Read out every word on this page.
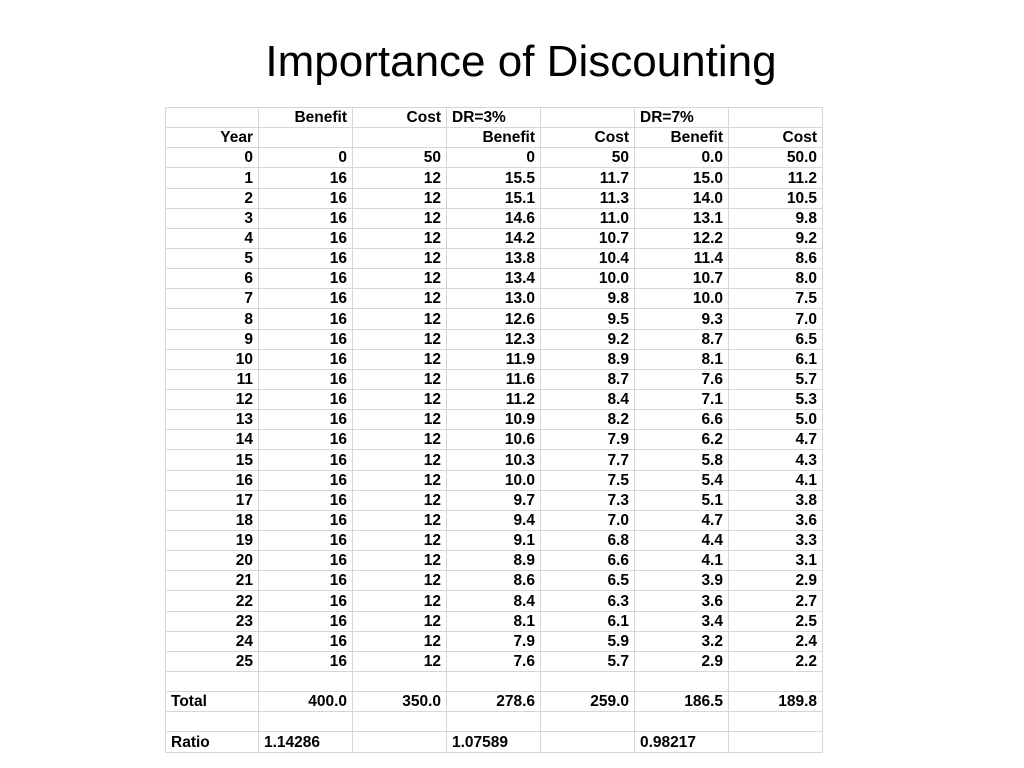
Importance of Discounting
	Benefit	Cost	DR=3%		DR=7%	
Year			Benefit	Cost	Benefit	Cost
0	0	50	0	50	0.0	50.0
1	16	12	15.5	11.7	15.0	11.2
2	16	12	15.1	11.3	14.0	10.5
3	16	12	14.6	11.0	13.1	9.8
4	16	12	14.2	10.7	12.2	9.2
5	16	12	13.8	10.4	11.4	8.6
6	16	12	13.4	10.0	10.7	8.0
7	16	12	13.0	9.8	10.0	7.5
8	16	12	12.6	9.5	9.3	7.0
9	16	12	12.3	9.2	8.7	6.5
10	16	12	11.9	8.9	8.1	6.1
11	16	12	11.6	8.7	7.6	5.7
12	16	12	11.2	8.4	7.1	5.3
13	16	12	10.9	8.2	6.6	5.0
14	16	12	10.6	7.9	6.2	4.7
15	16	12	10.3	7.7	5.8	4.3
16	16	12	10.0	7.5	5.4	4.1
17	16	12	9.7	7.3	5.1	3.8
18	16	12	9.4	7.0	4.7	3.6
19	16	12	9.1	6.8	4.4	3.3
20	16	12	8.9	6.6	4.1	3.1
21	16	12	8.6	6.5	3.9	2.9
22	16	12	8.4	6.3	3.6	2.7
23	16	12	8.1	6.1	3.4	2.5
24	16	12	7.9	5.9	3.2	2.4
25	16	12	7.6	5.7	2.9	2.2

Total	400.0	350.0	278.6	259.0	186.5	189.8

Ratio	1.14286		1.07589		0.98217	
